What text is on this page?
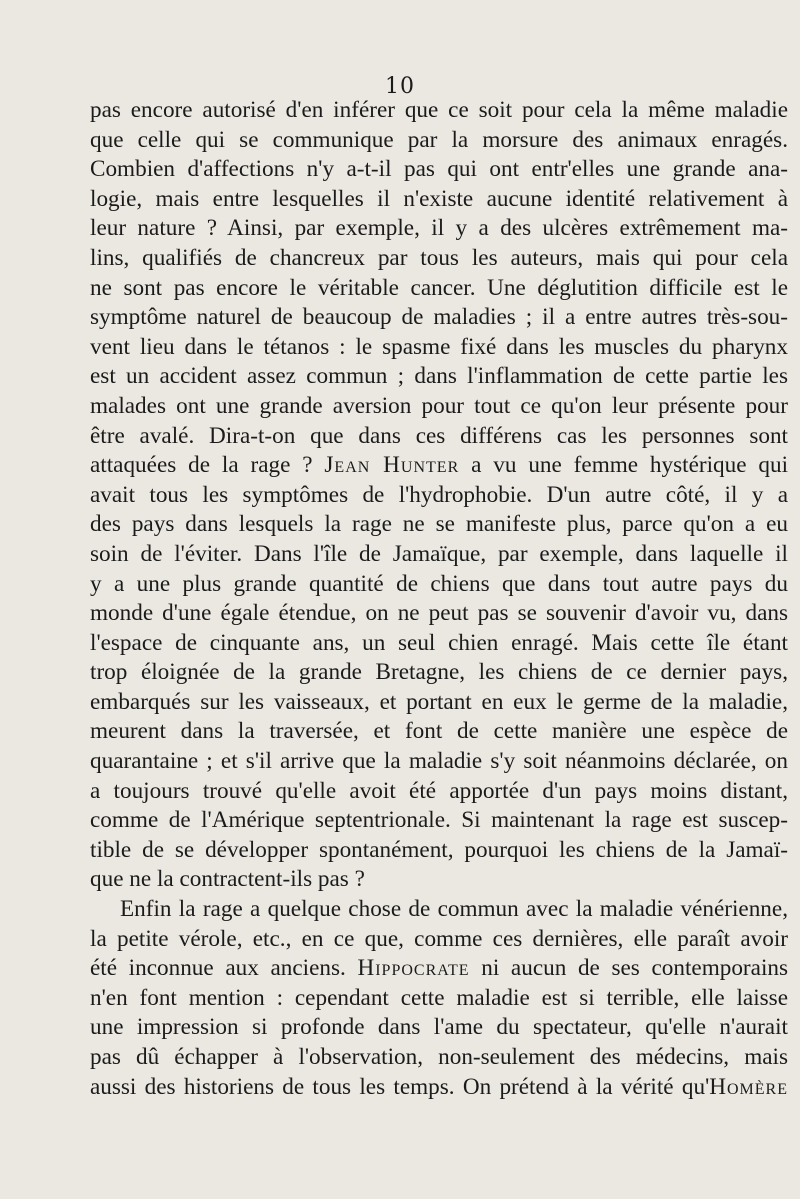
10
pas encore autorisé d'en inférer que ce soit pour cela la même maladie
que celle qui se communique par la morsure des animaux enragés.
Combien d'affections n'y a-t-il pas qui ont entr'elles une grande ana-
logie, mais entre lesquelles il n'existe aucune identité relativement à
leur nature ? Ainsi, par exemple, il y a des ulcères extrêmement ma-
lins, qualifiés de chancreux par tous les auteurs, mais qui pour cela
ne sont pas encore le véritable cancer. Une déglutition difficile est le
symptôme naturel de beaucoup de maladies ; il a entre autres très-sou-
vent lieu dans le tétanos : le spasme fixé dans les muscles du pharynx
est un accident assez commun ; dans l'inflammation de cette partie les
malades ont une grande aversion pour tout ce qu'on leur présente pour
être avalé. Dira-t-on que dans ces différens cas les personnes sont
attaquées de la rage ? Jean Hunter a vu une femme hystérique qui
avait tous les symptômes de l'hydrophobie. D'un autre côté, il y a
des pays dans lesquels la rage ne se manifeste plus, parce qu'on a eu
soin de l'éviter. Dans l'île de Jamaïque, par exemple, dans laquelle il
y a une plus grande quantité de chiens que dans tout autre pays du
monde d'une égale étendue, on ne peut pas se souvenir d'avoir vu, dans
l'espace de cinquante ans, un seul chien enragé. Mais cette île étant
trop éloignée de la grande Bretagne, les chiens de ce dernier pays,
embarqués sur les vaisseaux, et portant en eux le germe de la maladie,
meurent dans la traversée, et font de cette manière une espèce de
quarantaine ; et s'il arrive que la maladie s'y soit néanmoins déclarée, on
a toujours trouvé qu'elle avoit été apportée d'un pays moins distant,
comme de l'Amérique septentrionale. Si maintenant la rage est suscep-
tible de se développer spontanément, pourquoi les chiens de la Jamaï-
que ne la contractent-ils pas ?
Enfin la rage a quelque chose de commun avec la maladie vénérienne,
la petite vérole, etc., en ce que, comme ces dernières, elle paraît avoir
été inconnue aux anciens. Hippocrate ni aucun de ses contemporains
n'en font mention : cependant cette maladie est si terrible, elle laisse
une impression si profonde dans l'ame du spectateur, qu'elle n'aurait
pas dû échapper à l'observation, non-seulement des médecins, mais
aussi des historiens de tous les temps. On prétend à la vérité qu'Homère
